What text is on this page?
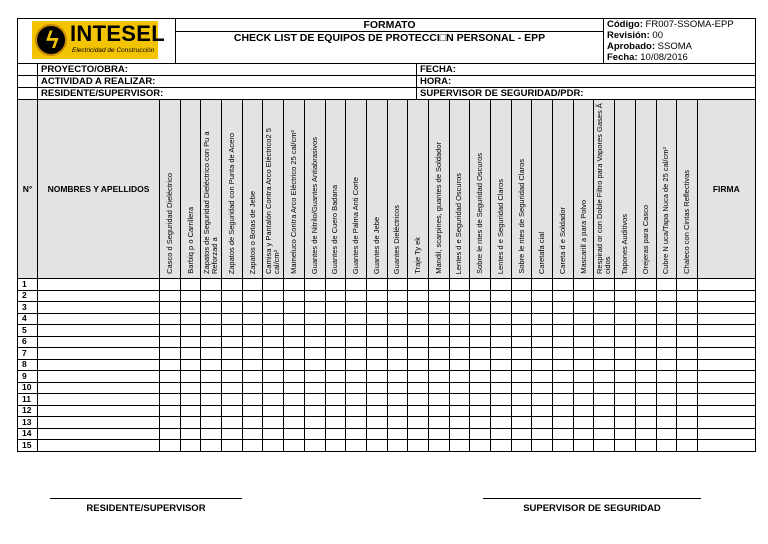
ϟ INTESEL
Electricidad de Construcción

FORMATO
CHECK LIST DE EQUIPOS DE PROTECCI□N PERSONAL - EPP

Código: FR007-SSOMA-EPP
Revisión: 00
Aprobado: SSOMA
Fecha: 10/08/2016
	PROYECTO/OBRA:	FECHA:
	ACTIVIDAD A REALIZAR:	HORA:
	RESIDENTE/SUPERVISOR:	SUPERVISOR DE SEGURIDAD/PDR:
N°	NOMBRES Y APELLIDOS	Casco d Seguridad Dieléctrico	Barbiq p o Carrillera	Zapatos de Seguridad Dieléctrico con Pu a Reforzad a	Zapatos de Seguridad con Punta de Acero	Zapatos o Botas de Jebe	Camisa y Pantalón Contra Arco Eléctrico2 5 cal/cm²	Mameluco Contra Arco Eléctrico 25 cal/cm²	Guantes de Nitrilo/Guantes Antiabrasivos	Guantes de Cuero Badana	Guantes de Palma Anti Corte	Guantes de Jebe	Guantes Dieléctricos	Traje Ty ek	Mandil, scarpines, guantes de Soldador	Lentes d e Seguridad Oscuros	Sobre le ntes de Seguridad Oscuros	Lentes d e Seguridad Claros	Sobre le ntes de Seguridad Claros	Caretafa cial	Careta d e Soldador	Mascarill a para Polvo	Respirad or con Doble Filtro para Vapores Gases Ã cidos	Tapones Auditivos	Orejeras para Casco	Cubre N uca/Tapa Nuca de 25 cal/cm²	Chaleco con Cintas Reflectivas	FIRMA
1																												
2																												
3																												
4																												
5																												
6																												
7																												
8																												
9																												
10																												
11																												
12																												
13																												
14																												
15																												
RESIDENTE/SUPERVISOR	SUPERVISOR DE SEGURIDAD
